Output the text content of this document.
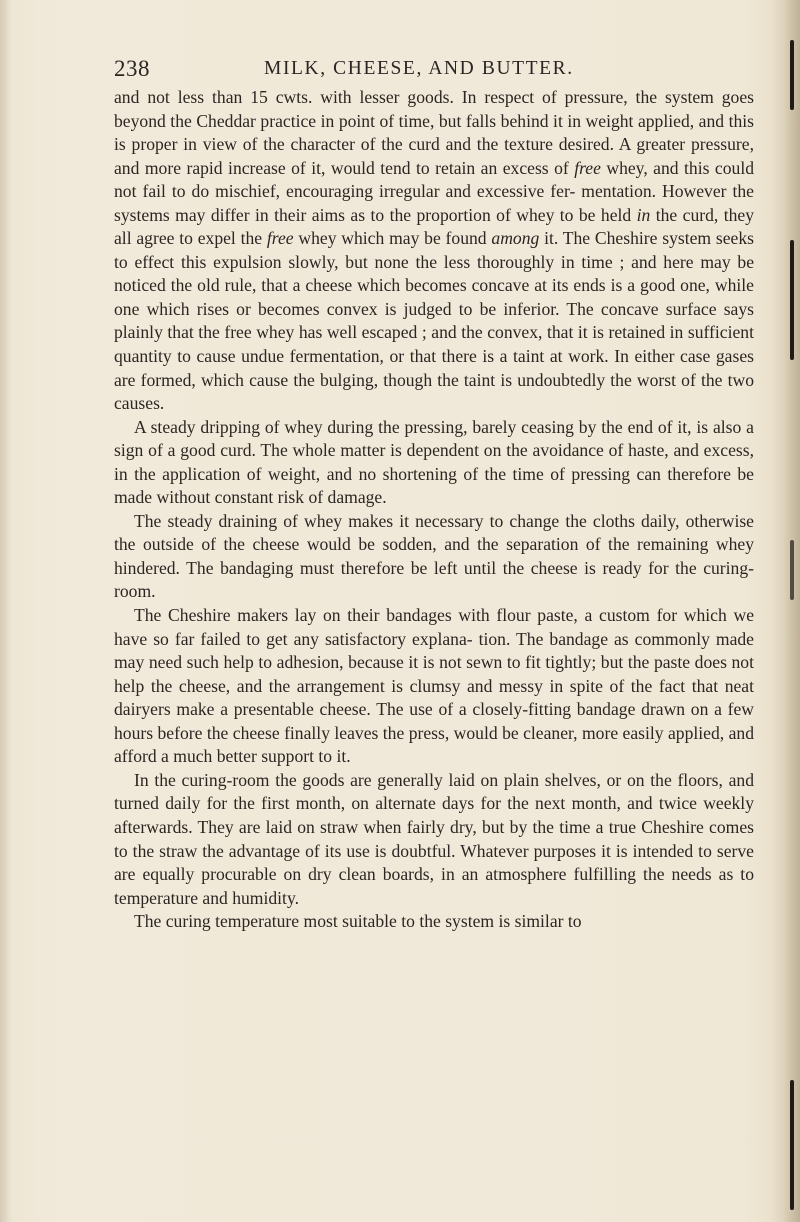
238	MILK, CHEESE, AND BUTTER.

and not less than 15 cwts. with lesser goods. In respect of pressure, the system goes beyond the Cheddar practice in point of time, but falls behind it in weight applied, and this is proper in view of the character of the curd and the texture desired. A greater pressure, and more rapid increase of it, would tend to retain an excess of free whey, and this could not fail to do mischief, encouraging irregular and excessive fer- mentation. However the systems may differ in their aims as to the proportion of whey to be held in the curd, they all agree to expel the free whey which may be found among it. The Cheshire system seeks to effect this expulsion slowly, but none the less thoroughly in time ; and here may be noticed the old rule, that a cheese which becomes concave at its ends is a good one, while one which rises or becomes convex is judged to be inferior. The concave surface says plainly that the free whey has well escaped ; and the convex, that it is retained in sufficient quantity to cause undue fermentation, or that there is a taint at work. In either case gases are formed, which cause the bulging, though the taint is undoubtedly the worst of the two causes.

A steady dripping of whey during the pressing, barely ceasing by the end of it, is also a sign of a good curd. The whole matter is dependent on the avoidance of haste, and excess, in the application of weight, and no shortening of the time of pressing can therefore be made without constant risk of damage.

The steady draining of whey makes it necessary to change the cloths daily, otherwise the outside of the cheese would be sodden, and the separation of the remaining whey hindered. The bandaging must therefore be left until the cheese is ready for the curing-room.

The Cheshire makers lay on their bandages with flour paste, a custom for which we have so far failed to get any satisfactory explana- tion. The bandage as commonly made may need such help to adhesion, because it is not sewn to fit tightly; but the paste does not help the cheese, and the arrangement is clumsy and messy in spite of the fact that neat dairyers make a presentable cheese. The use of a closely-fitting bandage drawn on a few hours before the cheese finally leaves the press, would be cleaner, more easily applied, and afford a much better support to it.

In the curing-room the goods are generally laid on plain shelves, or on the floors, and turned daily for the first month, on alternate days for the next month, and twice weekly afterwards. They are laid on straw when fairly dry, but by the time a true Cheshire comes to the straw the advantage of its use is doubtful. Whatever purposes it is intended to serve are equally procurable on dry clean boards, in an atmosphere fulfilling the needs as to temperature and humidity.

The curing temperature most suitable to the system is similar to
